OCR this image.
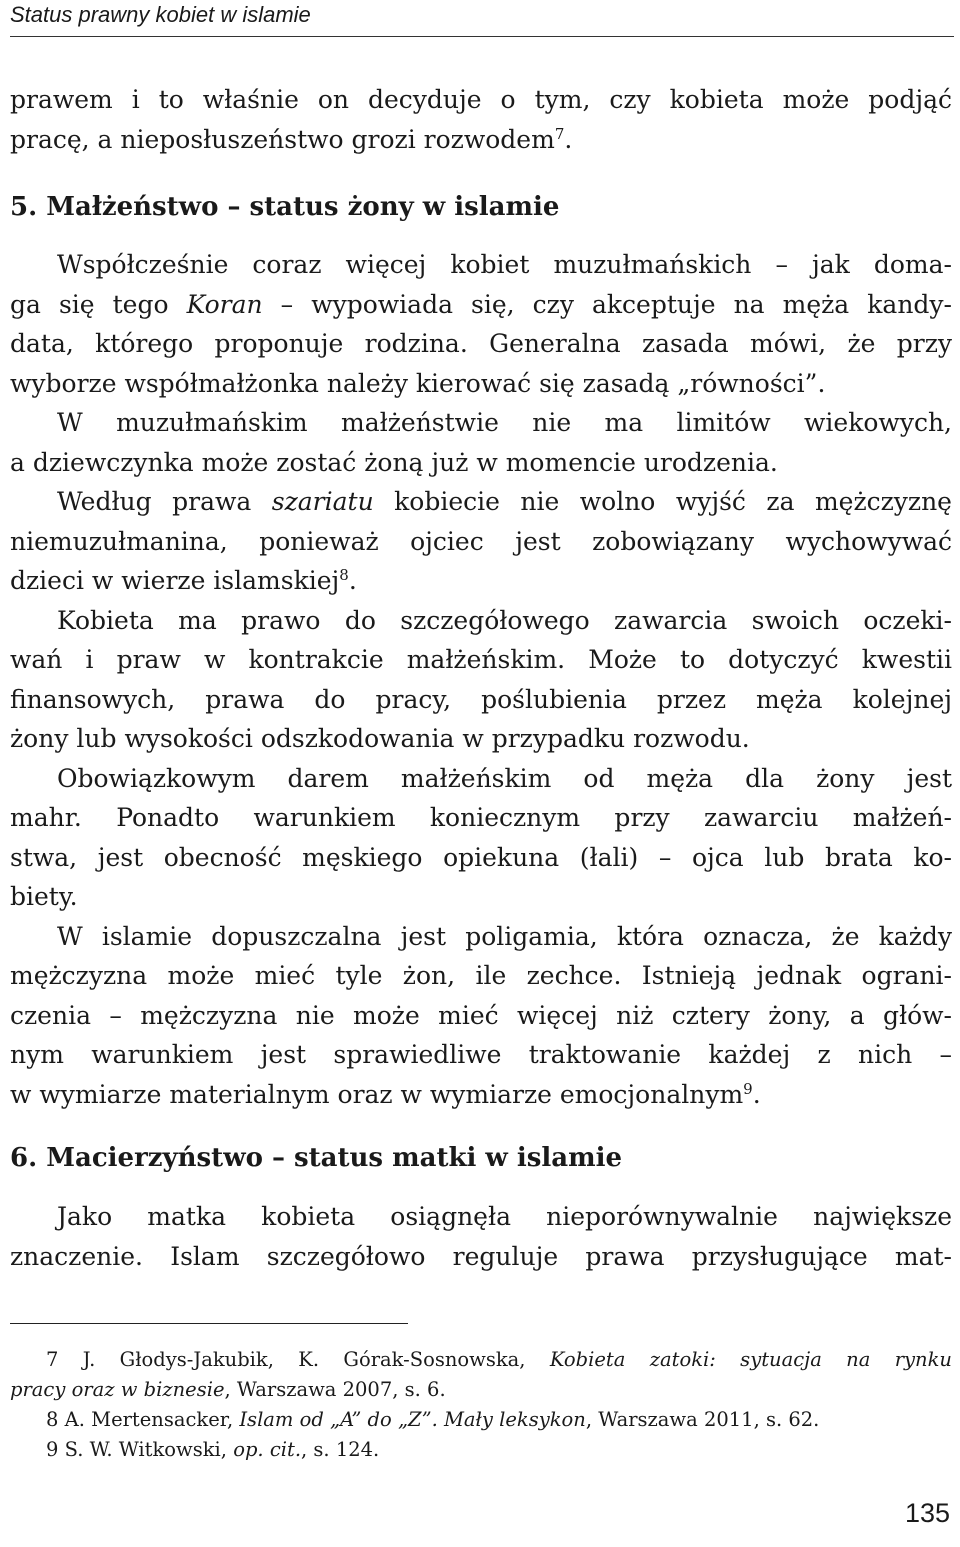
Status prawny kobiet w islamie
prawem i to właśnie on decyduje o tym, czy kobieta może podjąć
pracę, a nieposłuszeństwo grozi rozwodem$^7$.
5. Małżeństwo – status żony w islamie
Współcześnie coraz więcej kobiet muzułmańskich – jak doma-
ga się tego Koran – wypowiada się, czy akceptuje na męża kandy-
data, którego proponuje rodzina. Generalna zasada mówi, że przy
wyborze współmałżonka należy kierować się zasadą „równości”.
W muzułmańskim małżeństwie nie ma limitów wiekowych,
a dziewczynka może zostać żoną już w momencie urodzenia.
Według prawa szariatu kobiecie nie wolno wyjść za mężczyznę
niemuzułmanina, ponieważ ojciec jest zobowiązany wychowywać
dzieci w wierze islamskiej$^8$.
Kobieta ma prawo do szczegółowego zawarcia swoich oczeki-
wań i praw w kontrakcie małżeńskim. Może to dotyczyć kwestii
finansowych, prawa do pracy, poślubienia przez męża kolejnej
żony lub wysokości odszkodowania w przypadku rozwodu.
Obowiązkowym darem małżeńskim od męża dla żony jest
mahr. Ponadto warunkiem koniecznym przy zawarciu małżeń-
stwa, jest obecność męskiego opiekuna (łali) – ojca lub brata ko-
biety.
W islamie dopuszczalna jest poligamia, która oznacza, że każdy
mężczyzna może mieć tyle żon, ile zechce. Istnieją jednak ograni-
czenia – mężczyzna nie może mieć więcej niż cztery żony, a głów-
nym warunkiem jest sprawiedliwe traktowanie każdej z nich –
w wymiarze materialnym oraz w wymiarze emocjonalnym$^9$.
6. Macierzyństwo – status matki w islamie
Jako matka kobieta osiągnęła nieporównywalnie największe
znaczenie. Islam szczegółowo reguluje prawa przysługujące mat-
7 J. Głodys-Jakubik, K. Górak-Sosnowska, Kobieta zatoki: sytuacja na rynku
pracy oraz w biznesie, Warszawa 2007, s. 6.
8 A. Mertensacker, Islam od „A” do „Z”. Mały leksykon, Warszawa 2011, s. 62.
9 S. W. Witkowski, op. cit., s. 124.
135
